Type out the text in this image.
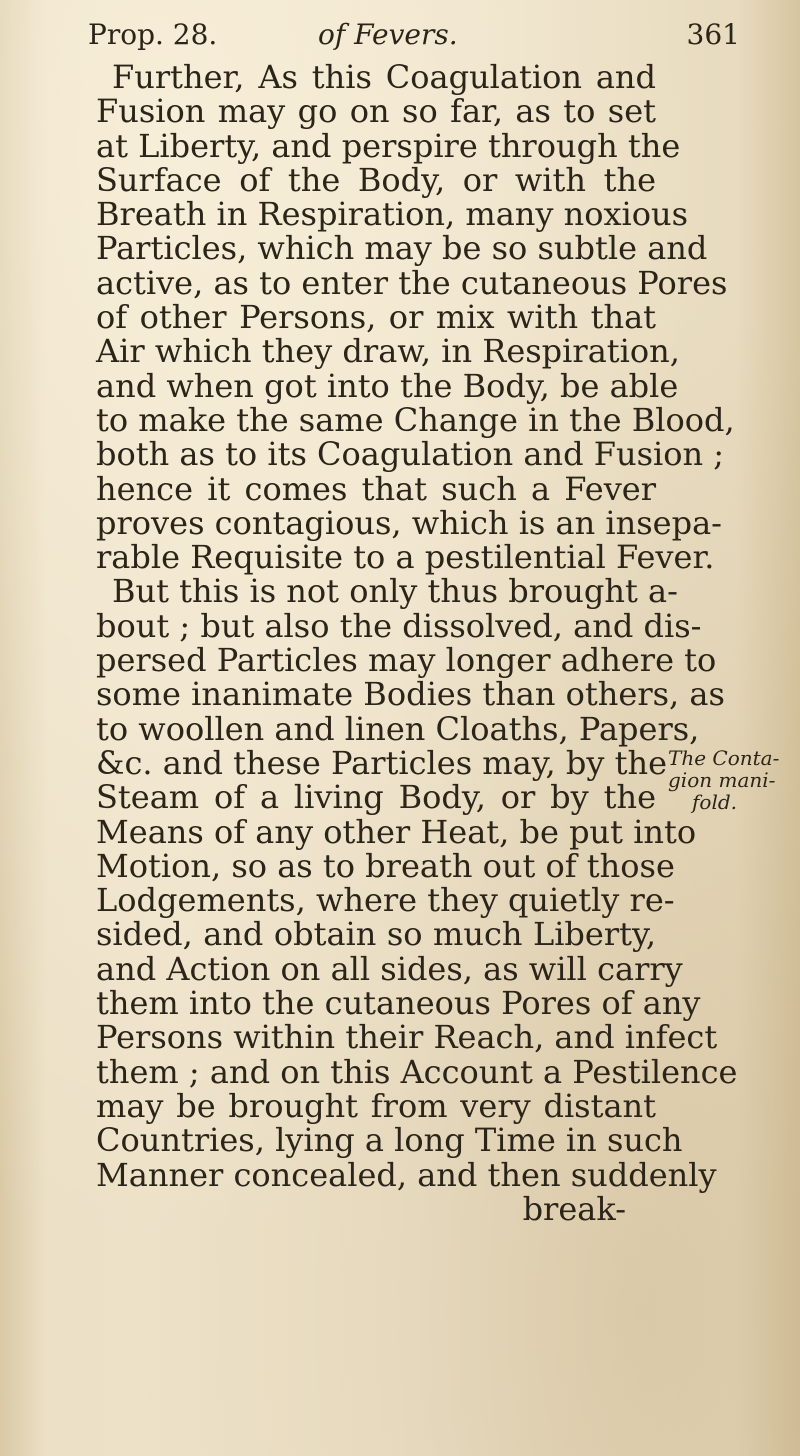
Prop. 28.	of Fevers.	361
Further, As this Coagulation and
Fusion may go on so far, as to set
at Liberty, and perspire through the
Surface of the Body, or with the
Breath in Respiration, many noxious
Particles, which may be so subtle and
active, as to enter the cutaneous Pores
of other Persons, or mix with that
Air which they draw, in Respiration,
and when got into the Body, be able
to make the same Change in the Blood,
both as to its Coagulation and Fusion ;
hence it comes that such a Fever
proves contagious, which is an insepa-
rable Requisite to a pestilential Fever.
But this is not only thus brought a-
bout ; but also the dissolved, and dis-
persed Particles may longer adhere to
some inanimate Bodies than others, as
to woollen and linen Cloaths, Papers,
&c. and these Particles may, by the
Steam of a living Body, or by the
Means of any other Heat, be put into
Motion, so as to breath out of those
Lodgements, where they quietly re-
sided, and obtain so much Liberty,
and Action on all sides, as will carry
them into the cutaneous Pores of any
Persons within their Reach, and infect
them ; and on this Account a Pestilence
may be brought from very distant
Countries, lying a long Time in such
Manner concealed, and then suddenly
break-
The Conta-
gion mani-
fold.
